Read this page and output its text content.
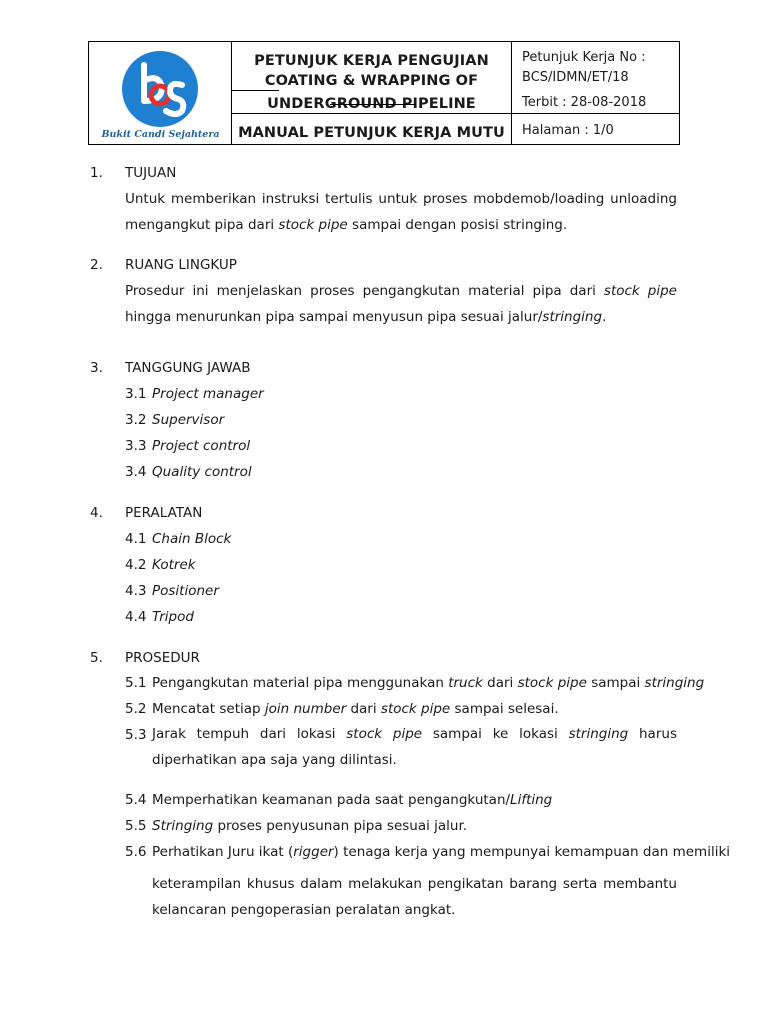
Bukit Candi Sejahtera
PETUNJUK KERJA PENGUJIAN
COATING & WRAPPING OF
UNDERGROUND PIPELINE
MANUAL PETUNJUK KERJA MUTU
Petunjuk Kerja No :
BCS/IDMN/ET/18
Terbit : 28-08-2018
Halaman : 1/0
1. TUJUAN
Untuk memberikan instruksi tertulis untuk proses mobdemob/loading unloading mengangkut pipa dari stock pipe sampai dengan posisi stringing.
2. RUANG LINGKUP
Prosedur ini menjelaskan proses pengangkutan material pipa dari stock pipe hingga menurunkan pipa sampai menyusun pipa sesuai jalur/stringing.
3. TANGGUNG JAWAB
3.1 Project manager
3.2 Supervisor
3.3 Project control
3.4 Quality control
4. PERALATAN
4.1 Chain Block
4.2 Kotrek
4.3 Positioner
4.4 Tripod
5. PROSEDUR
5.1 Pengangkutan material pipa menggunakan truck dari stock pipe sampai stringing
5.2 Mencatat setiap join number dari stock pipe sampai selesai.
5.3 Jarak tempuh dari lokasi stock pipe sampai ke lokasi stringing harus diperhatikan apa saja yang dilintasi.
5.4 Memperhatikan keamanan pada saat pengangkutan/Lifting
5.5 Stringing proses penyusunan pipa sesuai jalur.
5.6 Perhatikan Juru ikat (rigger) tenaga kerja yang mempunyai kemampuan dan memiliki
keterampilan khusus dalam melakukan pengikatan barang serta membantu kelancaran pengoperasian peralatan angkat.
